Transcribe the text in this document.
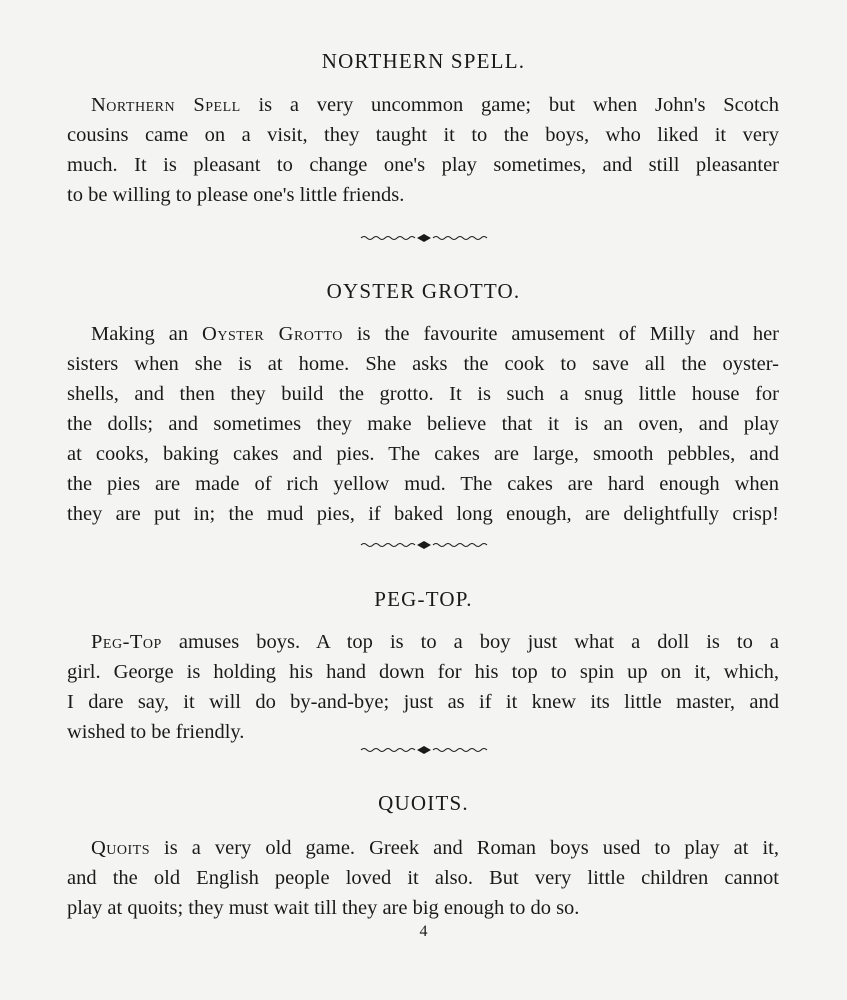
NORTHERN SPELL.
Northern Spell is a very uncommon game; but when John's Scotch
cousins came on a visit, they taught it to the boys, who liked it very
much. It is pleasant to change one's play sometimes, and still pleasanter
to be willing to please one's little friends.
OYSTER GROTTO.
Making an Oyster Grotto is the favourite amusement of Milly and her
sisters when she is at home. She asks the cook to save all the oyster-
shells, and then they build the grotto. It is such a snug little house for
the dolls; and sometimes they make believe that it is an oven, and play
at cooks, baking cakes and pies. The cakes are large, smooth pebbles, and
the pies are made of rich yellow mud. The cakes are hard enough when
they are put in; the mud pies, if baked long enough, are delightfully crisp!
PEG-TOP.
Peg-Top amuses boys. A top is to a boy just what a doll is to a
girl. George is holding his hand down for his top to spin up on it, which,
I dare say, it will do by-and-bye; just as if it knew its little master, and
wished to be friendly.
QUOITS.
Quoits is a very old game. Greek and Roman boys used to play at it,
and the old English people loved it also. But very little children cannot
play at quoits; they must wait till they are big enough to do so.
4
